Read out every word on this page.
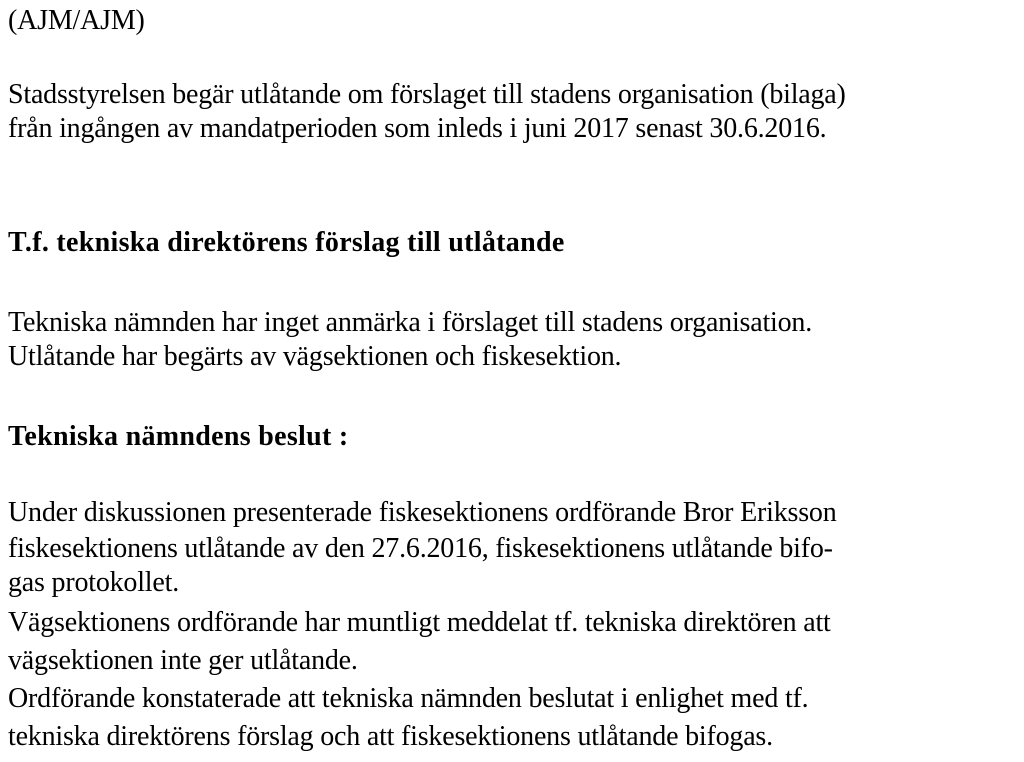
(AJM/AJM)
Stadsstyrelsen begär utlåtande om förslaget till stadens organisation (bilaga)
från ingången av mandatperioden som inleds i juni 2017 senast 30.6.2016.
T.f. tekniska direktörens förslag till utlåtande
Tekniska nämnden har inget anmärka i förslaget till stadens organisation.
Utlåtande har begärts av vägsektionen och fiskesektion.
Tekniska nämndens beslut :
Under diskussionen presenterade fiskesektionens ordförande Bror Eriksson
fiskesektionens utlåtande av den 27.6.2016, fiskesektionens utlåtande bifo-
gas protokollet.
Vägsektionens ordförande har muntligt meddelat tf. tekniska direktören att
vägsektionen inte ger utlåtande.
Ordförande konstaterade att tekniska nämnden beslutat i enlighet med tf.
tekniska direktörens förslag och att fiskesektionens utlåtande bifogas.
